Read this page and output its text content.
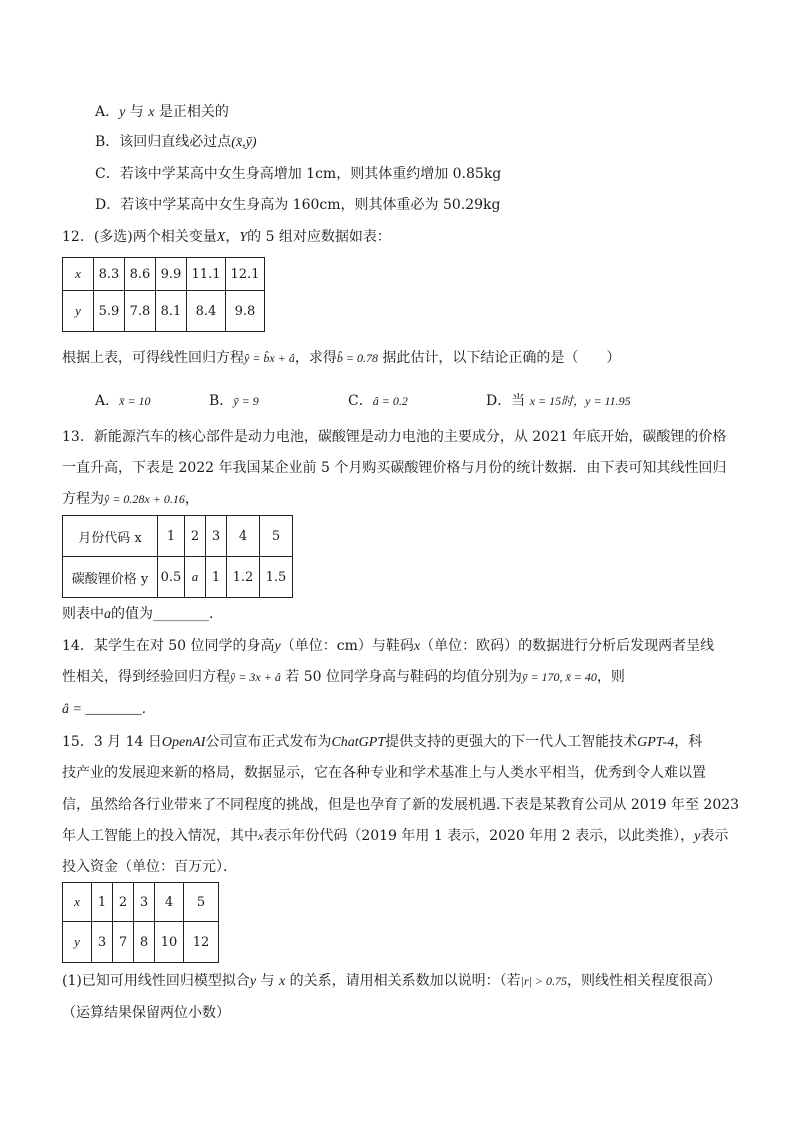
A．y 与 x 是正相关的
B．该回归直线必过点(x̄,ȳ)
C．若该中学某高中女生身高增加 1cm，则其体重约增加 0.85kg
D．若该中学某高中女生身高为 160cm，则其体重必为 50.29kg
12．(多选)两个相关变量X，Y的 5 组对应数据如表：
x	8.3	8.6	9.9	11.1	12.1
y	5.9	7.8	8.1	8.4	9.8
根据上表，可得线性回归方程ŷ = b̂x + â，求得b̂ = 0.78 据此估计，以下结论正确的是（　　）
A．x̄ = 10	B．ȳ = 9	C．â = 0.2	D．当 x = 15时，y = 11.95
13．新能源汽车的核心部件是动力电池，碳酸锂是动力电池的主要成分，从 2021 年底开始，碳酸锂的价格
一直升高，下表是 2022 年我国某企业前 5 个月购买碳酸锂价格与月份的统计数据．由下表可知其线性回归
方程为ŷ = 0.28x + 0.16，
月份代码 x	1	2	3	4	5
碳酸锂价格 y	0.5	a	1	1.2	1.5
则表中a的值为________．
14．某学生在对 50 位同学的身高y（单位：cm）与鞋码x（单位：欧码）的数据进行分析后发现两者呈线
性相关，得到经验回归方程ŷ = 3x + â 若 50 位同学身高与鞋码的均值分别为ȳ = 170, x̄ = 40，则
â = ________．
15．3 月 14 日OpenAI公司宣布正式发布为ChatGPT提供支持的更强大的下一代人工智能技术GPT-4，科
技产业的发展迎来新的格局，数据显示，它在各种专业和学术基准上与人类水平相当，优秀到令人难以置
信，虽然给各行业带来了不同程度的挑战，但是也孕育了新的发展机遇.下表是某教育公司从 2019 年至 2023
年人工智能上的投入情况，其中x表示年份代码（2019 年用 1 表示，2020 年用 2 表示，以此类推），y表示
投入资金（单位：百万元）．
x	1	2	3	4	5
y	3	7	8	10	12
(1)已知可用线性回归模型拟合y 与 x 的关系，请用相关系数加以说明：（若|r| > 0.75，则线性相关程度很高）
（运算结果保留两位小数）
